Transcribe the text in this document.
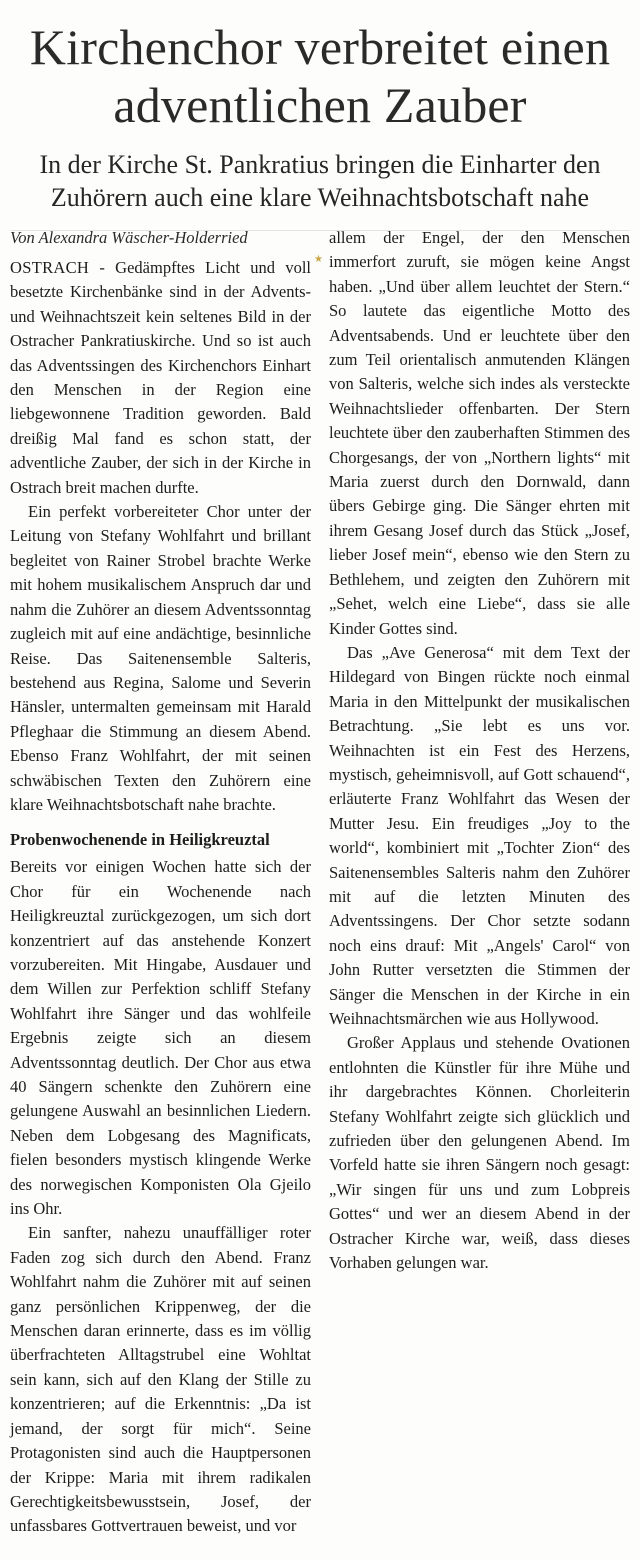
Kirchenchor verbreitet einen adventlichen Zauber
In der Kirche St. Pankratius bringen die Einharter den Zuhörern auch eine klare Weihnachtsbotschaft nahe
★
Von Alexandra Wäscher-Holderried

OSTRACH - Gedämpftes Licht und voll besetzte Kirchenbänke sind in der Advents- und Weihnachtszeit kein seltenes Bild in der Ostracher Pankratiuskirche. Und so ist auch das Adventssingen des Kirchenchors Einhart den Menschen in der Region eine liebgewonnene Tradition geworden. Bald dreißig Mal fand es schon statt, der adventliche Zauber, der sich in der Kirche in Ostrach breit machen durfte.

Ein perfekt vorbereiteter Chor unter der Leitung von Stefany Wohlfahrt und brillant begleitet von Rainer Strobel brachte Werke mit hohem musikalischem Anspruch dar und nahm die Zuhörer an diesem Adventssonntag zugleich mit auf eine andächtige, besinnliche Reise. Das Saitenensemble Salteris, bestehend aus Regina, Salome und Severin Hänsler, untermalten gemeinsam mit Harald Pfleghaar die Stimmung an diesem Abend. Ebenso Franz Wohlfahrt, der mit seinen schwäbischen Texten den Zuhörern eine klare Weihnachtsbotschaft nahe brachte.

Probenwochenende in Heiligkreuztal

Bereits vor einigen Wochen hatte sich der Chor für ein Wochenende nach Heiligkreuztal zurückgezogen, um sich dort konzentriert auf das anstehende Konzert vorzubereiten. Mit Hingabe, Ausdauer und dem Willen zur Perfektion schliff Stefany Wohlfahrt ihre Sänger und das wohlfeile Ergebnis zeigte sich an diesem Adventssonntag deutlich. Der Chor aus etwa 40 Sängern schenkte den Zuhörern eine gelungene Auswahl an besinnlichen Liedern. Neben dem Lobgesang des Magnificats, fielen besonders mystisch klingende Werke des norwegischen Komponisten Ola Gjeilo ins Ohr.

Ein sanfter, nahezu unauffälliger roter Faden zog sich durch den Abend. Franz Wohlfahrt nahm die Zuhörer mit auf seinen ganz persönlichen Krippenweg, der die Menschen daran erinnerte, dass es im völlig überfrachteten Alltagstrubel eine Wohltat sein kann, sich auf den Klang der Stille zu konzentrieren; auf die Erkenntnis: „Da ist jemand, der sorgt für mich“. Seine Protagonisten sind auch die Hauptpersonen der Krippe: Maria mit ihrem radikalen Gerechtigkeitsbewusstsein, Josef, der unfassbares Gottvertrauen beweist, und vor

allem der Engel, der den Menschen immerfort zuruft, sie mögen keine Angst haben. „Und über allem leuchtet der Stern.“ So lautete das eigentliche Motto des Adventsabends. Und er leuchtete über den zum Teil orientalisch anmutenden Klängen von Salteris, welche sich indes als versteckte Weihnachtslieder offenbarten. Der Stern leuchtete über den zauberhaften Stimmen des Chorgesangs, der von „Northern lights“ mit Maria zuerst durch den Dornwald, dann übers Gebirge ging. Die Sänger ehrten mit ihrem Gesang Josef durch das Stück „Josef, lieber Josef mein“, ebenso wie den Stern zu Bethlehem, und zeigten den Zuhörern mit „Sehet, welch eine Liebe“, dass sie alle Kinder Gottes sind.

Das „Ave Generosa“ mit dem Text der Hildegard von Bingen rückte noch einmal Maria in den Mittelpunkt der musikalischen Betrachtung. „Sie lebt es uns vor. Weihnachten ist ein Fest des Herzens, mystisch, geheimnisvoll, auf Gott schauend“, erläuterte Franz Wohlfahrt das Wesen der Mutter Jesu. Ein freudiges „Joy to the world“, kombiniert mit „Tochter Zion“ des Saitenensembles Salteris nahm den Zuhörer mit auf die letzten Minuten des Adventssingens. Der Chor setzte sodann noch eins drauf: Mit „Angels' Carol“ von John Rutter versetzten die Stimmen der Sänger die Menschen in der Kirche in ein Weihnachtsmärchen wie aus Hollywood.

Großer Applaus und stehende Ovationen entlohnten die Künstler für ihre Mühe und ihr dargebrachtes Können. Chorleiterin Stefany Wohlfahrt zeigte sich glücklich und zufrieden über den gelungenen Abend. Im Vorfeld hatte sie ihren Sängern noch gesagt: „Wir singen für uns und zum Lobpreis Gottes“ und wer an diesem Abend in der Ostracher Kirche war, weiß, dass dieses Vorhaben gelungen war.
